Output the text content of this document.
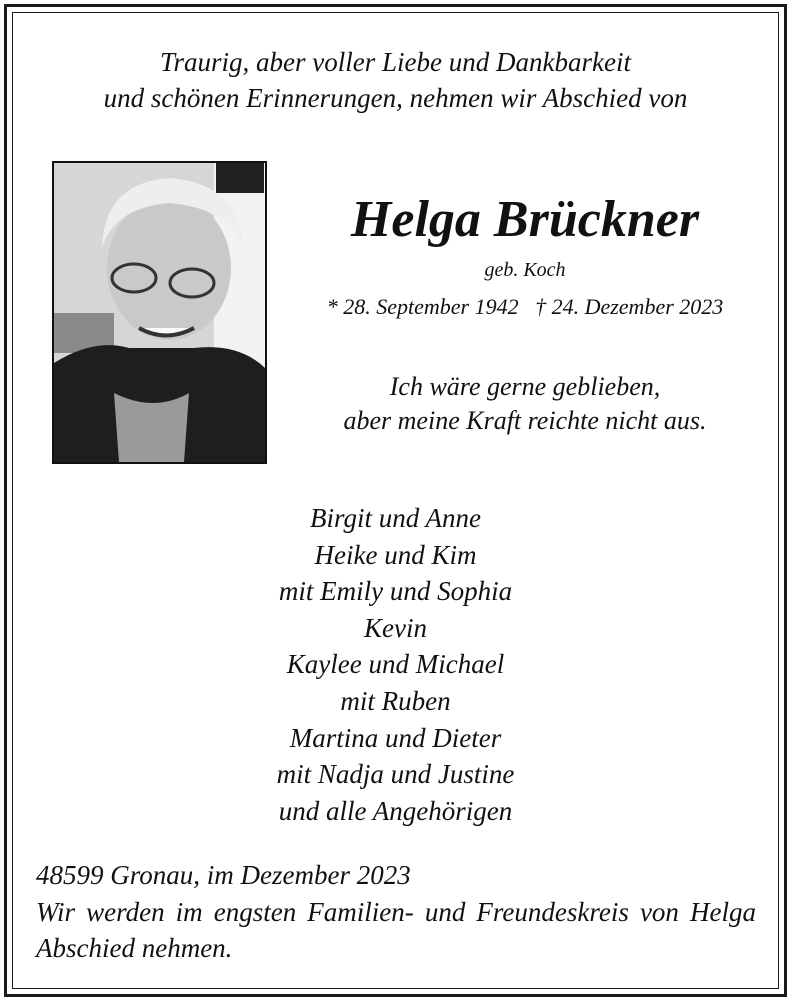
Traurig, aber voller Liebe und Dankbarkeit
und schönen Erinnerungen, nehmen wir Abschied von
Helga Brückner
geb. Koch
* 28. September 1942   † 24. Dezember 2023
Ich wäre gerne geblieben,
aber meine Kraft reichte nicht aus.
Birgit und Anne
Heike und Kim
mit Emily und Sophia
Kevin
Kaylee und Michael
mit Ruben
Martina und Dieter
mit Nadja und Justine
und alle Angehörigen
48599 Gronau, im Dezember 2023
Wir werden im engsten Familien- und Freundeskreis von Helga Abschied nehmen.
